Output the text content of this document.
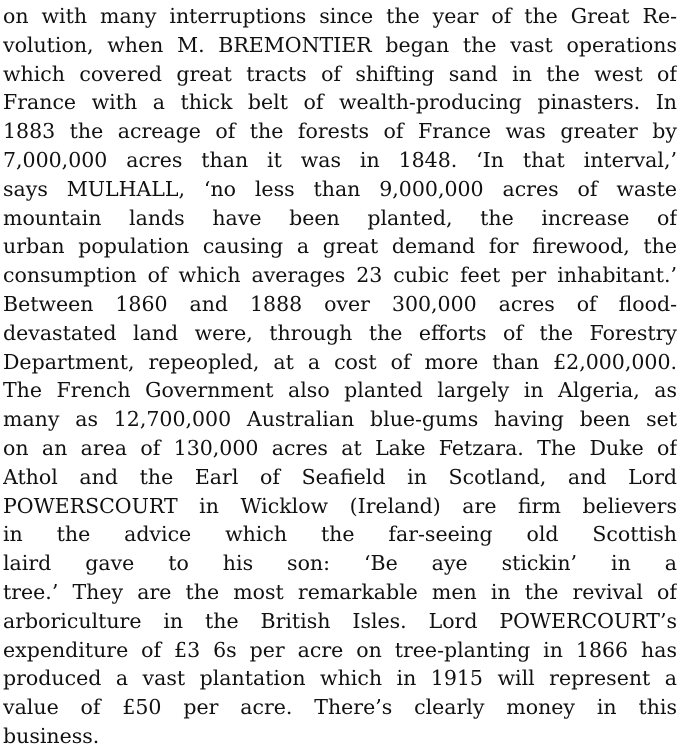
on with many interruptions since the year of the Great Re-
volution, when M. BREMONTIER began the vast operations
which covered great tracts of shifting sand in the west of
France with a thick belt of wealth-producing pinasters. In
1883 the acreage of the forests of France was greater by
7,000,000 acres than it was in 1848. ‘In that interval,’
says MULHALL, ‘no less than 9,000,000 acres of waste
mountain lands have been planted, the increase of
urban population causing a great demand for firewood, the
consumption of which averages 23 cubic feet per inhabitant.’
Between 1860 and 1888 over 300,000 acres of flood-
devastated land were, through the efforts of the Forestry
Department, repeopled, at a cost of more than £2,000,000.
The French Government also planted largely in Algeria, as
many as 12,700,000 Australian blue-gums having been set
on an area of 130,000 acres at Lake Fetzara. The Duke of
Athol and the Earl of Seafield in Scotland, and Lord
POWERSCOURT in Wicklow (Ireland) are firm believers
in the advice which the far-seeing old Scottish
laird gave to his son: ‘Be aye stickin’ in a
tree.’ They are the most remarkable men in the revival of
arboriculture in the British Isles. Lord POWERCOURT’s
expenditure of £3 6s per acre on tree-planting in 1866 has
produced a vast plantation which in 1915 will represent a
value of £50 per acre. There’s clearly money in this
business.
